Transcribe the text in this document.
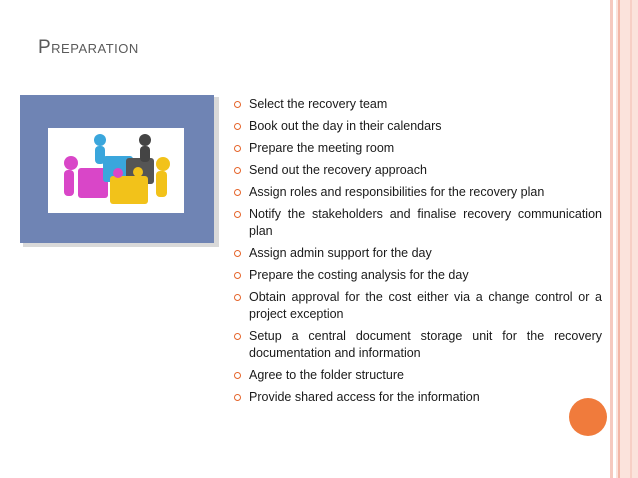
Preparation
Select the recovery team
Book out the day in their calendars
Prepare the meeting room
Send out the recovery approach
Assign roles and responsibilities for the recovery plan
Notify the stakeholders and finalise recovery communication plan
Assign admin support for the day
Prepare the costing analysis for the day
Obtain approval for the cost either via a change control or a project exception
Setup a central document storage unit for the recovery documentation and information
Agree to the folder structure
Provide shared access for the information
